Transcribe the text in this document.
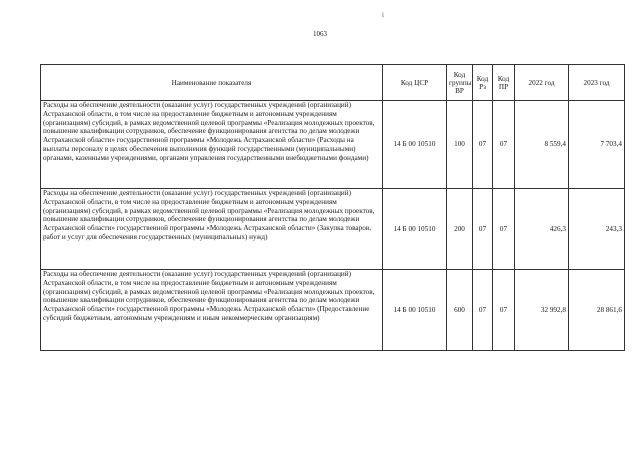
i
1063
Наименование показателя	Код ЦСР	Код группы ВР	Код Рз	Код ПР	2022 год	2023 год
Расходы на обеспечение деятельности (оказание услуг) государственных учреждений (организаций) Астраханской области, в том числе на предоставление бюджетным и автономным учреждениям (организациям) субсидий, в рамках ведомственной целевой программы «Реализация молодежных проектов, повышение квалификации сотрудников, обеспечение функционирования агентства по делам молодежи Астраханской области» государственной программы «Молодежь Астраханской области» (Расходы на выплаты персоналу в целях обеспечения выполнения функций государственными (муниципальными) органами, казенными учреждениями, органами управления государственными внебюджетными фондами)	14 Б 00 10510	100	07	07	8 559,4	7 703,4
Расходы на обеспечение деятельности (оказание услуг) государственных учреждений (организаций) Астраханской области, в том числе на предоставление бюджетным и автономным учреждениям (организациям) субсидий, в рамках ведомственной целевой программы «Реализация молодежных проектов, повышение квалификации сотрудников, обеспечение функционирования агентства по делам молодежи Астраханской области» государственной программы «Молодежь Астраханской области» (Закупка товаров, работ и услуг для обеспечения государственных (муниципальных) нужд)	14 Б 00 10510	200	07	07	426,3	243,3
Расходы на обеспечение деятельности (оказание услуг) государственных учреждений (организаций) Астраханской области, в том числе на предоставление бюджетным и автономным учреждениям (организациям) субсидий, в рамках ведомственной целевой программы «Реализация молодежных проектов, повышение квалификации сотрудников, обеспечение функционирования агентства по делам молодежи Астраханской области» государственной программы «Молодежь Астраханской области» (Предоставление субсидий бюджетным, автономным учреждениям и иным некоммерческим организациям)	14 Б 00 10510	600	07	07	32 992,8	28 861,6
